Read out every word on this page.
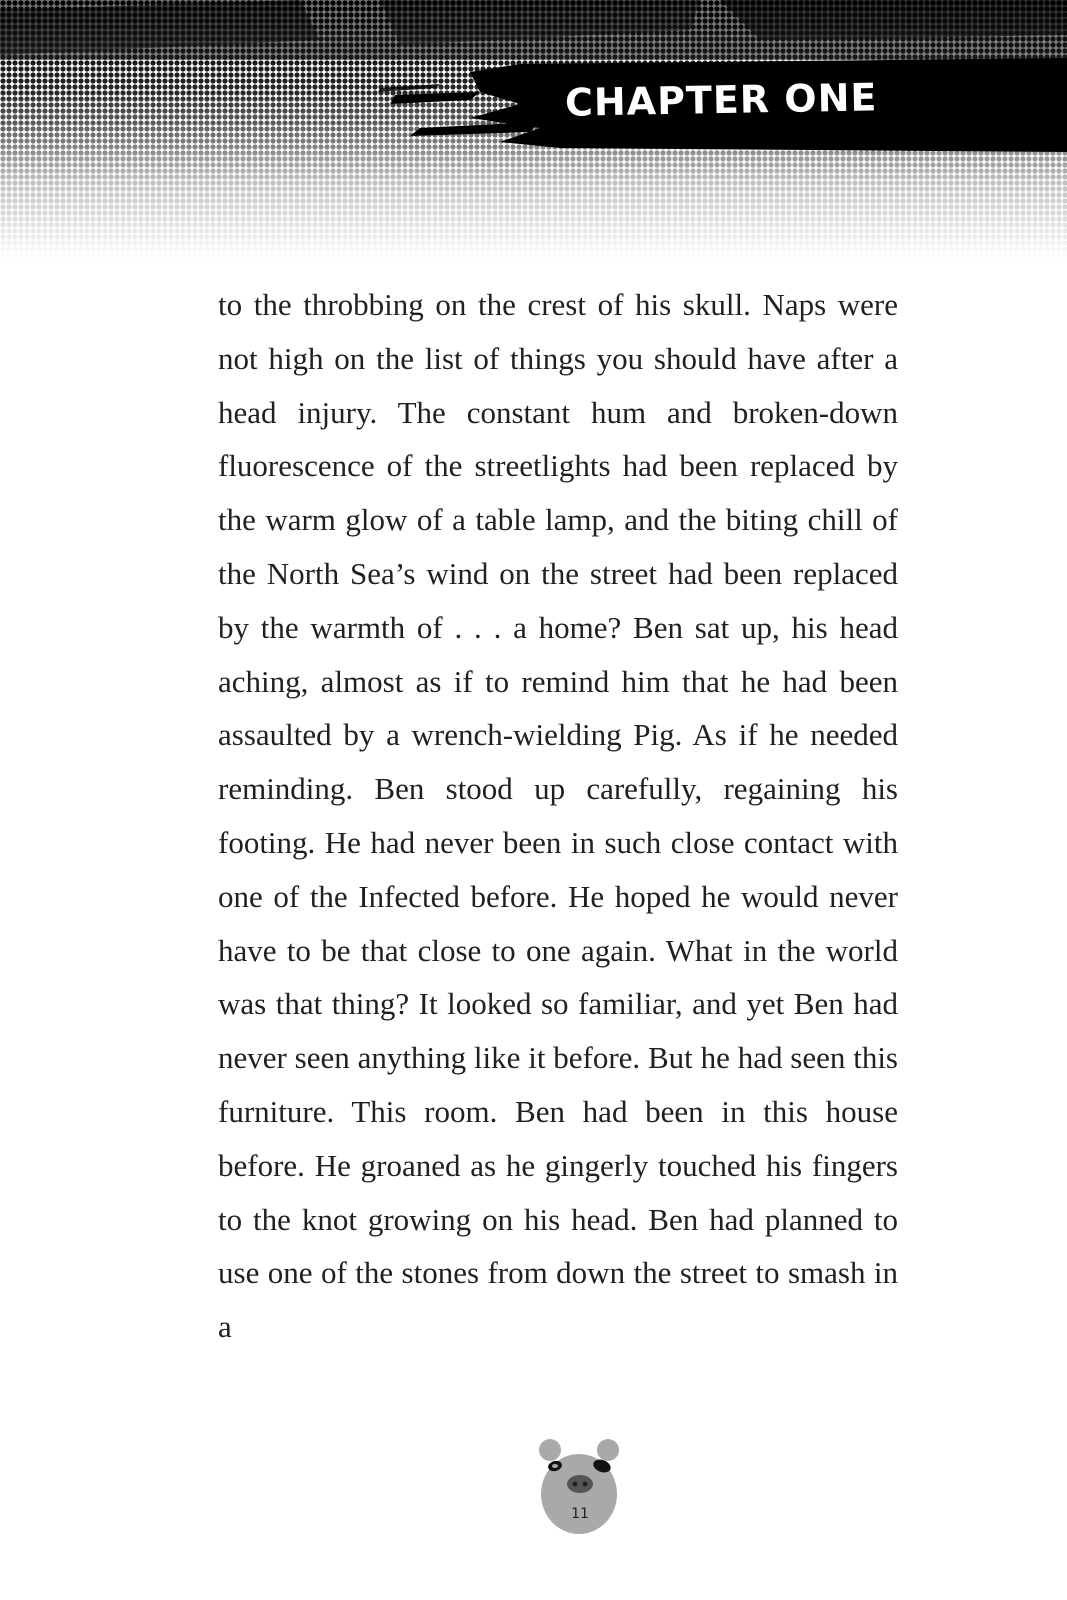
CHAPTER ONE

to the throbbing on the crest of his skull. Naps were not high on the list of things you should have after a head injury. The constant hum and broken-down fluorescence of the streetlights had been replaced by the warm glow of a table lamp, and the biting chill of the North Sea’s wind on the street had been replaced by the warmth of . . . a home? Ben sat up, his head aching, almost as if to remind him that he had been assaulted by a wrench-wielding Pig. As if he needed reminding. Ben stood up carefully, regaining his footing. He had never been in such close contact with one of the Infected before. He hoped he would never have to be that close to one again. What in the world was that thing? It looked so familiar, and yet Ben had never seen anything like it before. But he had seen this furniture. This room. Ben had been in this house before. He groaned as he gingerly touched his fingers to the knot growing on his head. Ben had planned to use one of the stones from down the street to smash in a

11
